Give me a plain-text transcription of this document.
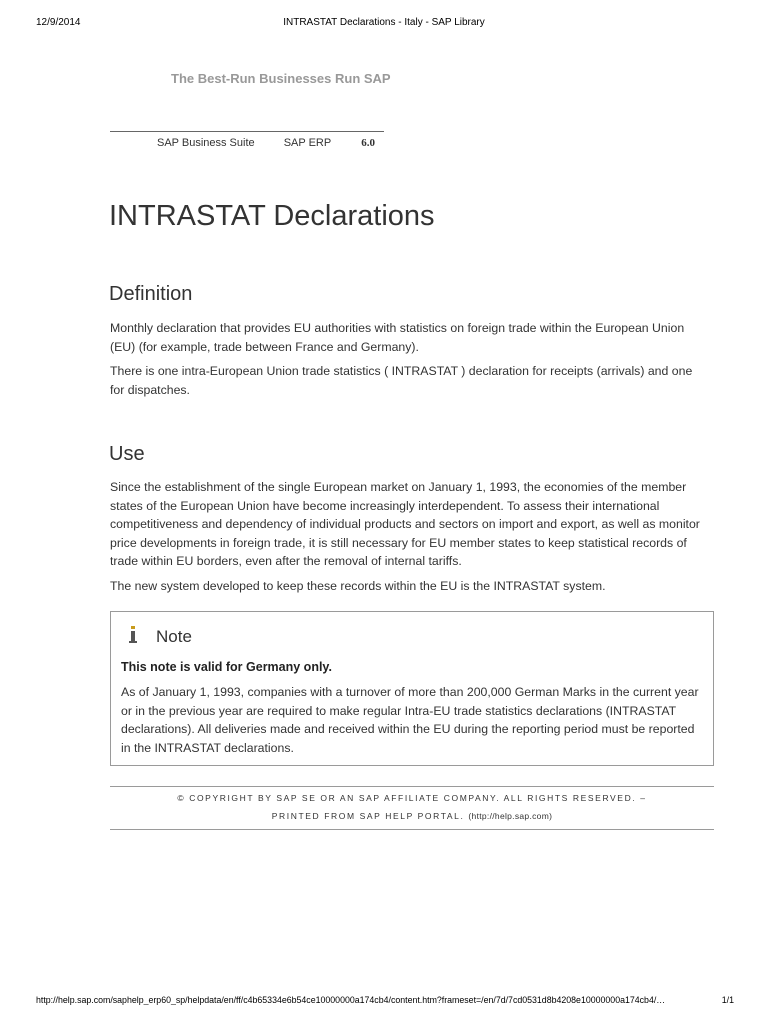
12/9/2014	INTRASTAT Declarations - Italy - SAP Library
The Best-Run Businesses Run SAP
SAP Business Suite	SAP ERP	6.0
INTRASTAT Declarations
Definition

Monthly declaration that provides EU authorities with statistics on foreign trade within the European Union (EU) (for example, trade between France and Germany).

There is one intra-European Union trade statistics ( INTRASTAT ) declaration for receipts (arrivals) and one for dispatches.

Use

Since the establishment of the single European market on January 1, 1993, the economies of the member states of the European Union have become increasingly interdependent. To assess their international competitiveness and dependency of individual products and sectors on import and export, as well as monitor price developments in foreign trade, it is still necessary for EU member states to keep statistical records of trade within EU borders, even after the removal of internal tariffs.

The new system developed to keep these records within the EU is the INTRASTAT system.

Note
This note is valid for Germany only.
As of January 1, 1993, companies with a turnover of more than 200,000 German Marks in the current year or in the previous year are required to make regular Intra-EU trade statistics declarations (INTRASTAT declarations). All deliveries made and received within the EU during the reporting period must be reported in the INTRASTAT declarations.
© COPYRIGHT BY SAP SE OR AN SAP AFFILIATE COMPANY. ALL RIGHTS RESERVED. –
PRINTED FROM SAP HELP PORTAL. (http://help.sap.com)
http://help.sap.com/saphelp_erp60_sp/helpdata/en/ff/c4b65334e6b54ce10000000a174cb4/content.htm?frameset=/en/7d/7cd0531d8b4208e10000000a174cb4/…	1/1
